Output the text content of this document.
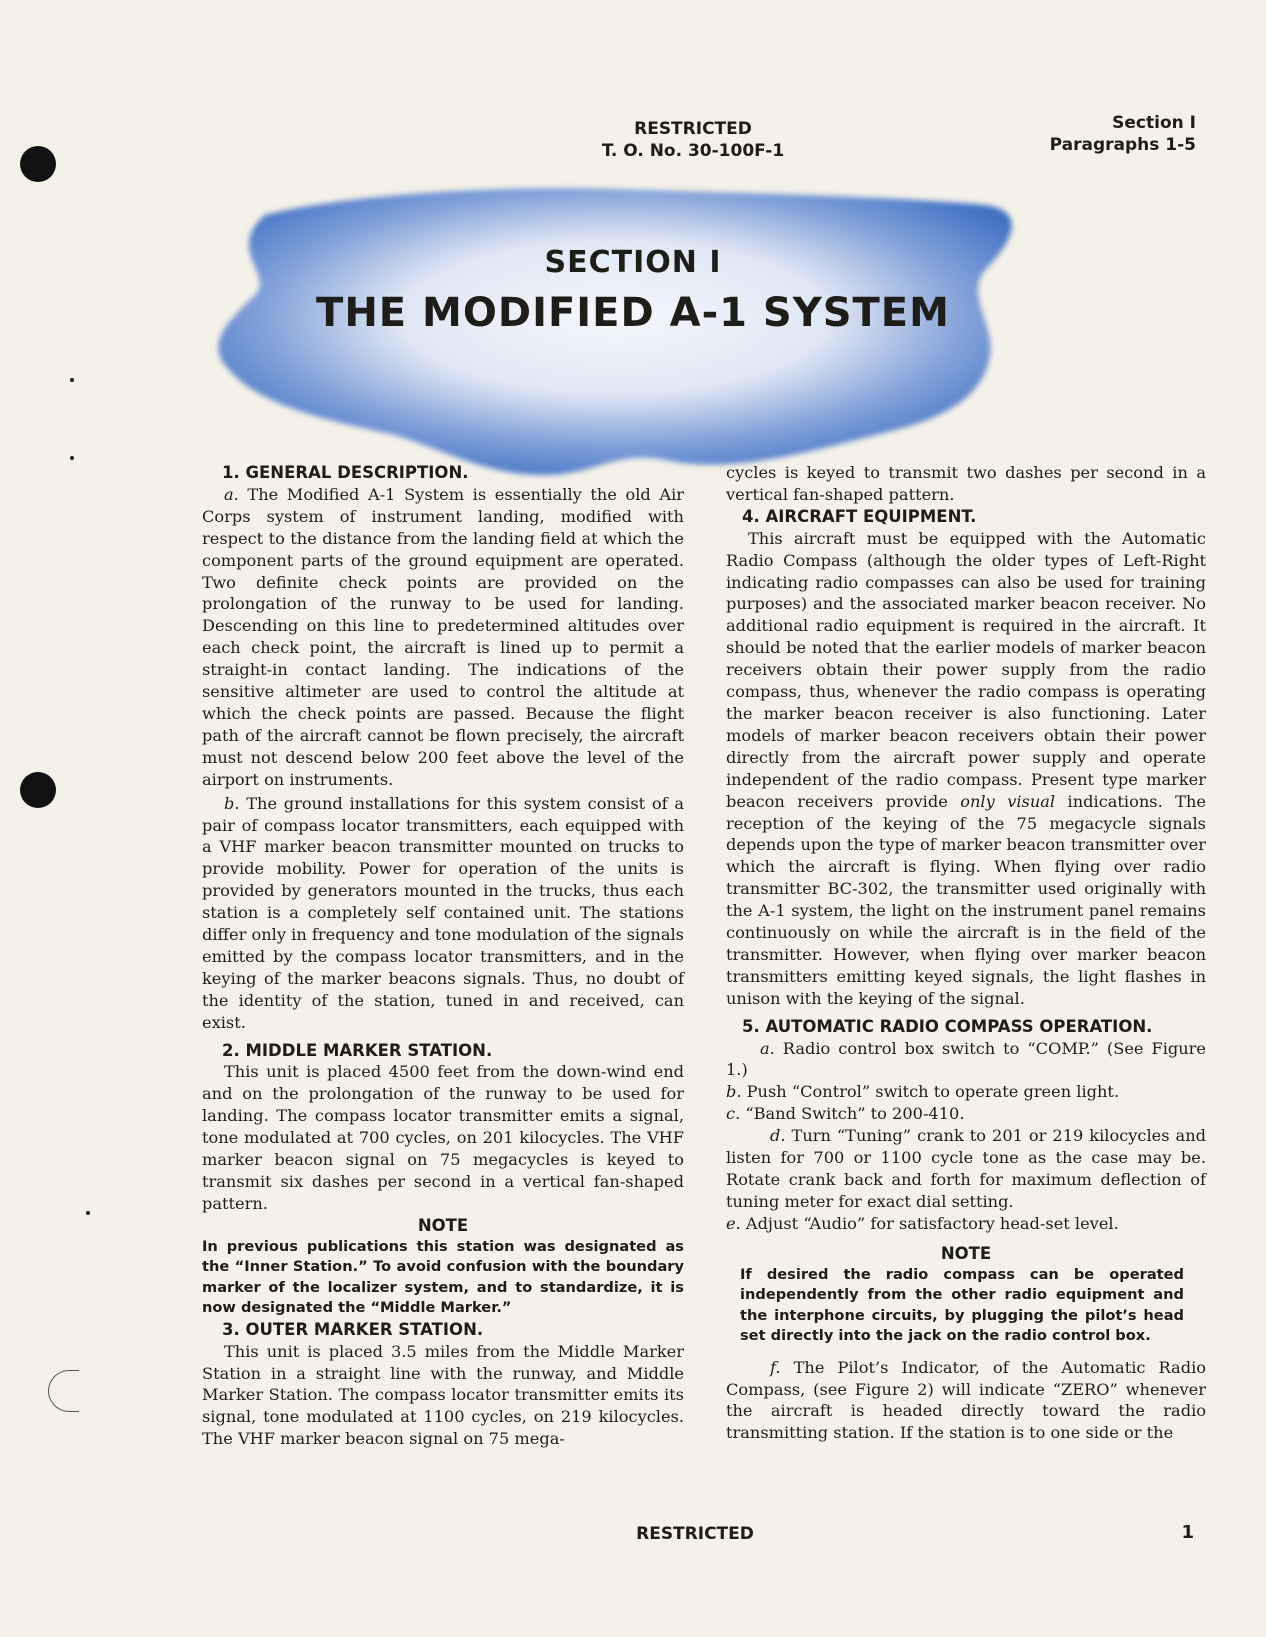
RESTRICTED
T. O. No. 30-100F-1
Section I
Paragraphs 1-5
SECTION I
THE MODIFIED A-1 SYSTEM

1. GENERAL DESCRIPTION.

a. The Modified A-1 System is essentially the old Air Corps system of instrument landing, modified with respect to the distance from the landing field at which the component parts of the ground equipment are operated. Two definite check points are provided on the prolongation of the runway to be used for landing. Descending on this line to predetermined altitudes over each check point, the aircraft is lined up to permit a straight-in contact landing. The indications of the sensitive altimeter are used to control the altitude at which the check points are passed. Because the flight path of the aircraft cannot be flown precisely, the aircraft must not descend below 200 feet above the level of the airport on instruments.

b. The ground installations for this system consist of a pair of compass locator transmitters, each equipped with a VHF marker beacon transmitter mounted on trucks to provide mobility. Power for operation of the units is provided by generators mounted in the trucks, thus each station is a completely self contained unit. The stations differ only in frequency and tone modulation of the signals emitted by the compass locator transmitters, and in the keying of the marker beacons signals. Thus, no doubt of the identity of the station, tuned in and received, can exist.

2. MIDDLE MARKER STATION.

This unit is placed 4500 feet from the down-wind end and on the prolongation of the runway to be used for landing. The compass locator transmitter emits a signal, tone modulated at 700 cycles, on 201 kilocycles. The VHF marker beacon signal on 75 megacycles is keyed to transmit six dashes per second in a vertical fan-shaped pattern.

NOTE

In previous publications this station was designated as the “Inner Station.” To avoid confusion with the boundary marker of the localizer system, and to standardize, it is now designated the “Middle Marker.”

3. OUTER MARKER STATION.

This unit is placed 3.5 miles from the Middle Marker Station in a straight line with the runway, and Middle Marker Station. The compass locator transmitter emits its signal, tone modulated at 1100 cycles, on 219 kilocycles. The VHF marker beacon signal on 75 mega-

cycles is keyed to transmit two dashes per second in a vertical fan-shaped pattern.

4. AIRCRAFT EQUIPMENT.

This aircraft must be equipped with the Automatic Radio Compass (although the older types of Left-Right indicating radio compasses can also be used for training purposes) and the associated marker beacon receiver. No additional radio equipment is required in the aircraft. It should be noted that the earlier models of marker beacon receivers obtain their power supply from the radio compass, thus, whenever the radio compass is operating the marker beacon receiver is also functioning. Later models of marker beacon receivers obtain their power directly from the aircraft power supply and operate independent of the radio compass. Present type marker beacon receivers provide only visual indications. The reception of the keying of the 75 megacycle signals depends upon the type of marker beacon transmitter over which the aircraft is flying. When flying over radio transmitter BC-302, the transmitter used originally with the A-1 system, the light on the instrument panel remains continuously on while the aircraft is in the field of the transmitter. However, when flying over marker beacon transmitters emitting keyed signals, the light flashes in unison with the keying of the signal.

5. AUTOMATIC RADIO COMPASS OPERATION.

a. Radio control box switch to “COMP.” (See Figure 1.)

b. Push “Control” switch to operate green light.

c. “Band Switch” to 200-410.

d. Turn “Tuning” crank to 201 or 219 kilocycles and listen for 700 or 1100 cycle tone as the case may be. Rotate crank back and forth for maximum deflection of tuning meter for exact dial setting.

e. Adjust “Audio” for satisfactory head-set level.

NOTE

If desired the radio compass can be operated independently from the other radio equipment and the interphone circuits, by plugging the pilot’s head set directly into the jack on the radio control box.

f. The Pilot’s Indicator, of the Automatic Radio Compass, (see Figure 2) will indicate “ZERO” whenever the aircraft is headed directly toward the radio transmitting station. If the station is to one side or the

RESTRICTED	1
